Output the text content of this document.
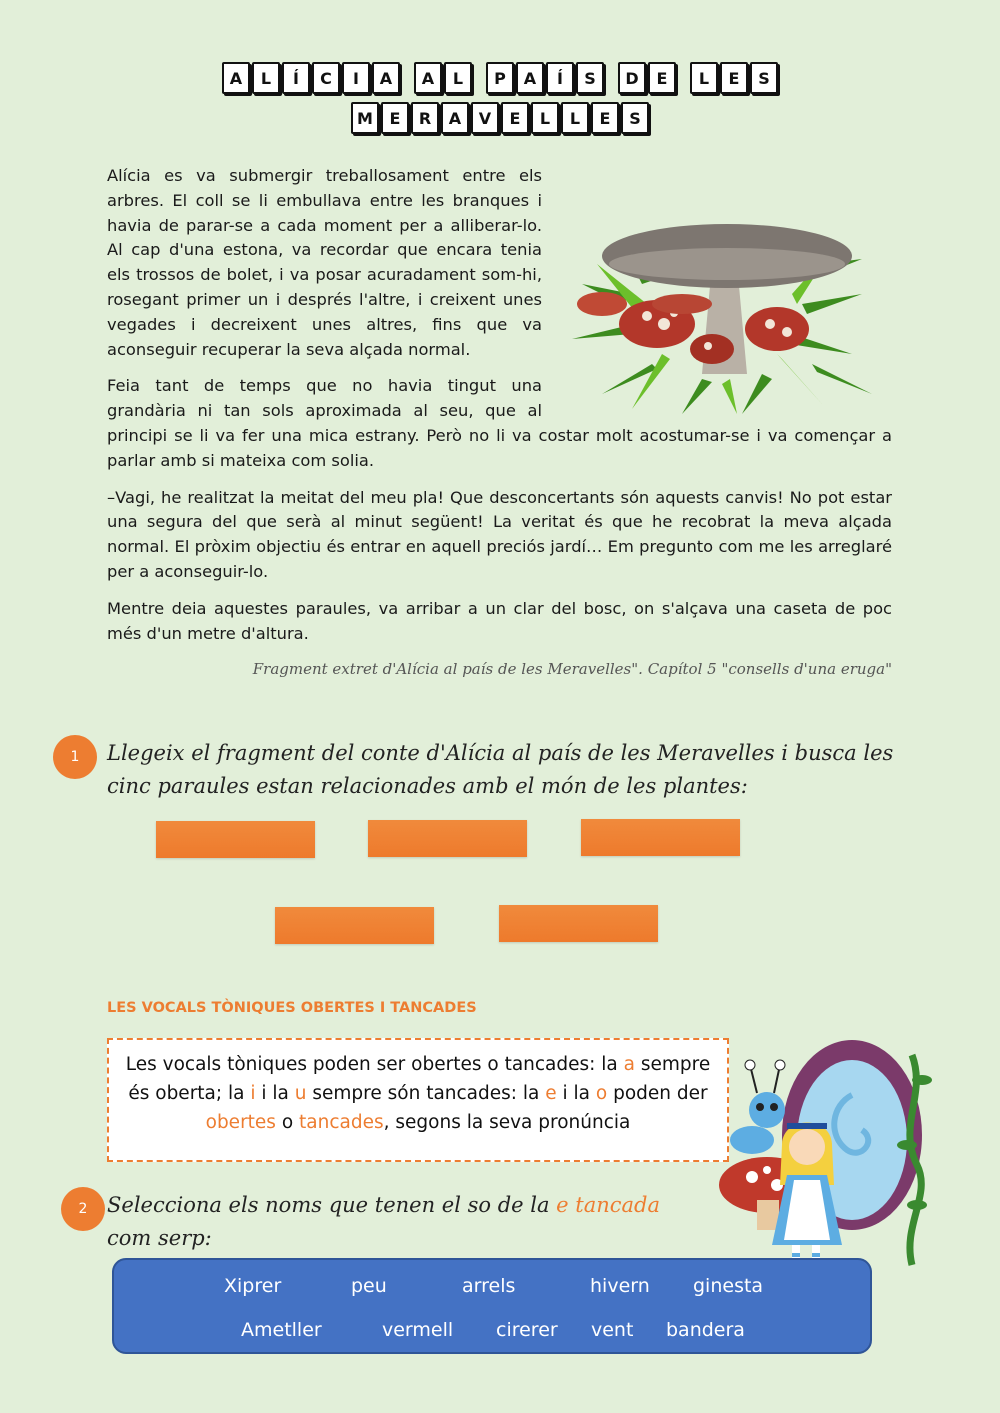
A	L	Í	C	I	A	A	L	P	A	Í	S	D	E	L	E	S
M	E	R	A	V	E	L	L	E	S

Alícia es va submergir treballosament entre els arbres. El coll se li embullava entre les branques i havia de parar-se a cada moment per a alliberar-lo. Al cap d'una estona, va recordar que encara tenia els trossos de bolet, i va posar acuradament som-hi, rosegant primer un i després l'altre, i creixent unes vegades i decreixent unes altres, fins que va aconseguir recuperar la seva alçada normal.

Feia tant de temps que no havia tingut una grandària ni tan sols aproximada al seu, que al principi se li va fer una mica estrany. Però no li va costar molt acostumar-se i va començar a parlar amb si mateixa com solia.

–Vagi, he realitzat la meitat del meu pla! Que desconcertants són aquests canvis! No pot estar una segura del que serà al minut següent! La veritat és que he recobrat la meva alçada normal. El pròxim objectiu és entrar en aquell preciós jardí… Em pregunto com me les arreglaré per a aconseguir-lo.

Mentre deia aquestes paraules, va arribar a un clar del bosc, on s'alçava una caseta de poc més d'un metre d'altura.

Fragment extret d'Alícia al país de les Meravelles". Capítol 5 "consells d'una eruga"
1	Llegeix el fragment del conte d'Alícia al país de les Meravelles i busca les cinc paraules estan relacionades amb el món de les plantes:
LES VOCALS TÒNIQUES OBERTES I TANCADES
Les vocals tòniques poden ser obertes o tancades: la a sempre és oberta; la i i la u sempre són tancades: la e i la o poden der obertes o tancades, segons la seva pronúncia
2 Selecciona els noms que tenen el so de la e tancada com serp:
Xiprer	peu	arrels	hivern ginesta
Ametller	vermell cirerer vent bandera
